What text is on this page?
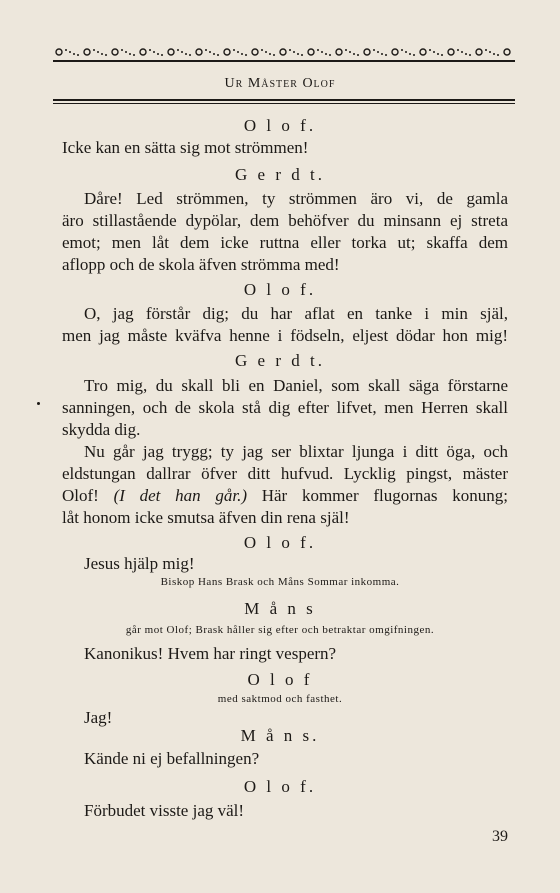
Ur Måster Olof
O l o f.
Icke kan en sätta sig mot strömmen!
G e r d t.
Dåre! Led strömmen, ty strömmen äro vi, de gamla
äro stillastående dypölar, dem behöfver du minsann ej streta
emot; men låt dem icke ruttna eller torka ut; skaffa dem
aflopp och de skola äfven strömma med!
O l o f.
O, jag förstår dig; du har aflat en tanke i min själ,
men jag måste kväfva henne i födseln, eljest dödar hon mig!
G e r d t.
Tro mig, du skall bli en Daniel, som skall säga förstarne
sanningen, och de skola stå dig efter lifvet, men Herren skall
skydda dig.
Nu går jag trygg; ty jag ser blixtar ljunga i ditt öga, och
eldstungan dallrar öfver ditt hufvud. Lycklig pingst, mäster
Olof! (I det han går.) Här kommer flugornas konung;
låt honom icke smutsa äfven din rena själ!
O l o f.
Jesus hjälp mig!
Biskop Hans Brask och Måns Sommar inkomma.
M å n s
går mot Olof; Brask håller sig efter och betraktar omgifningen.
Kanonikus! Hvem har ringt vespern?
O l o f
med saktmod och fasthet.
Jag!
M å n s.
Kände ni ej befallningen?
O l o f.
Förbudet visste jag väl!
39
